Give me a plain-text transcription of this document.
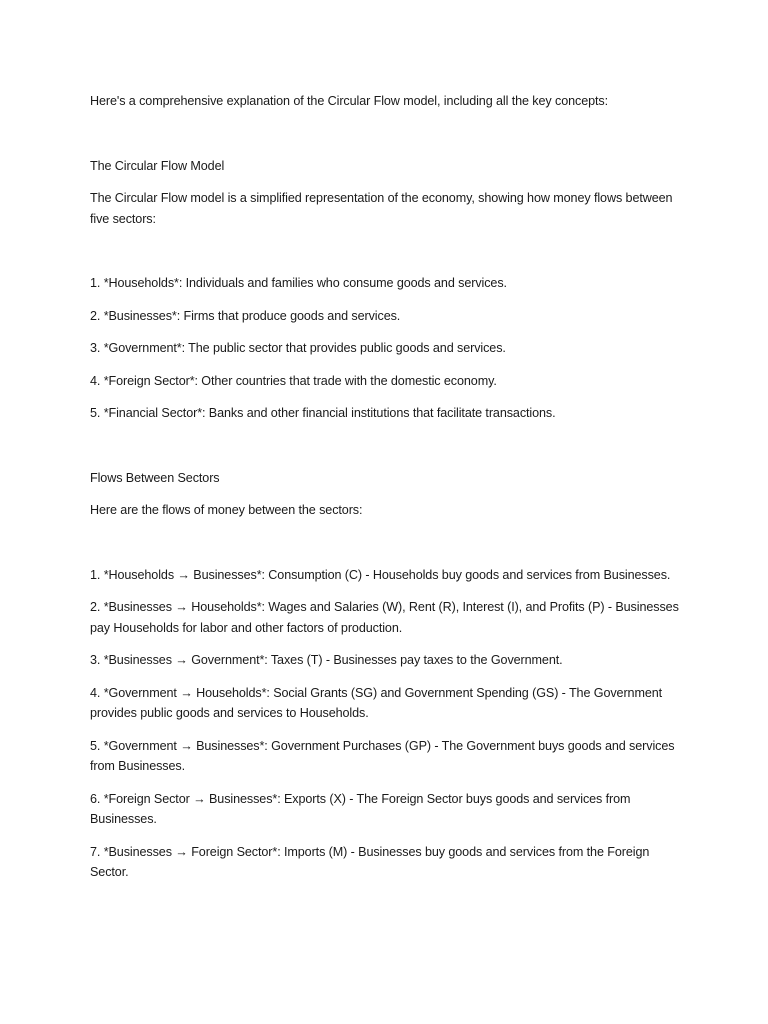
Here's a comprehensive explanation of the Circular Flow model, including all the key concepts:

The Circular Flow Model

The Circular Flow model is a simplified representation of the economy, showing how money flows between five sectors:

1. *Households*: Individuals and families who consume goods and services.

2. *Businesses*: Firms that produce goods and services.

3. *Government*: The public sector that provides public goods and services.

4. *Foreign Sector*: Other countries that trade with the domestic economy.

5. *Financial Sector*: Banks and other financial institutions that facilitate transactions.

Flows Between Sectors

Here are the flows of money between the sectors:

1. *Households → Businesses*: Consumption (C) - Households buy goods and services from Businesses.

2. *Businesses → Households*: Wages and Salaries (W), Rent (R), Interest (I), and Profits (P) - Businesses pay Households for labor and other factors of production.

3. *Businesses → Government*: Taxes (T) - Businesses pay taxes to the Government.

4. *Government → Households*: Social Grants (SG) and Government Spending (GS) - The Government provides public goods and services to Households.

5. *Government → Businesses*: Government Purchases (GP) - The Government buys goods and services from Businesses.

6. *Foreign Sector → Businesses*: Exports (X) - The Foreign Sector buys goods and services from Businesses.

7. *Businesses → Foreign Sector*: Imports (M) - Businesses buy goods and services from the Foreign Sector.
